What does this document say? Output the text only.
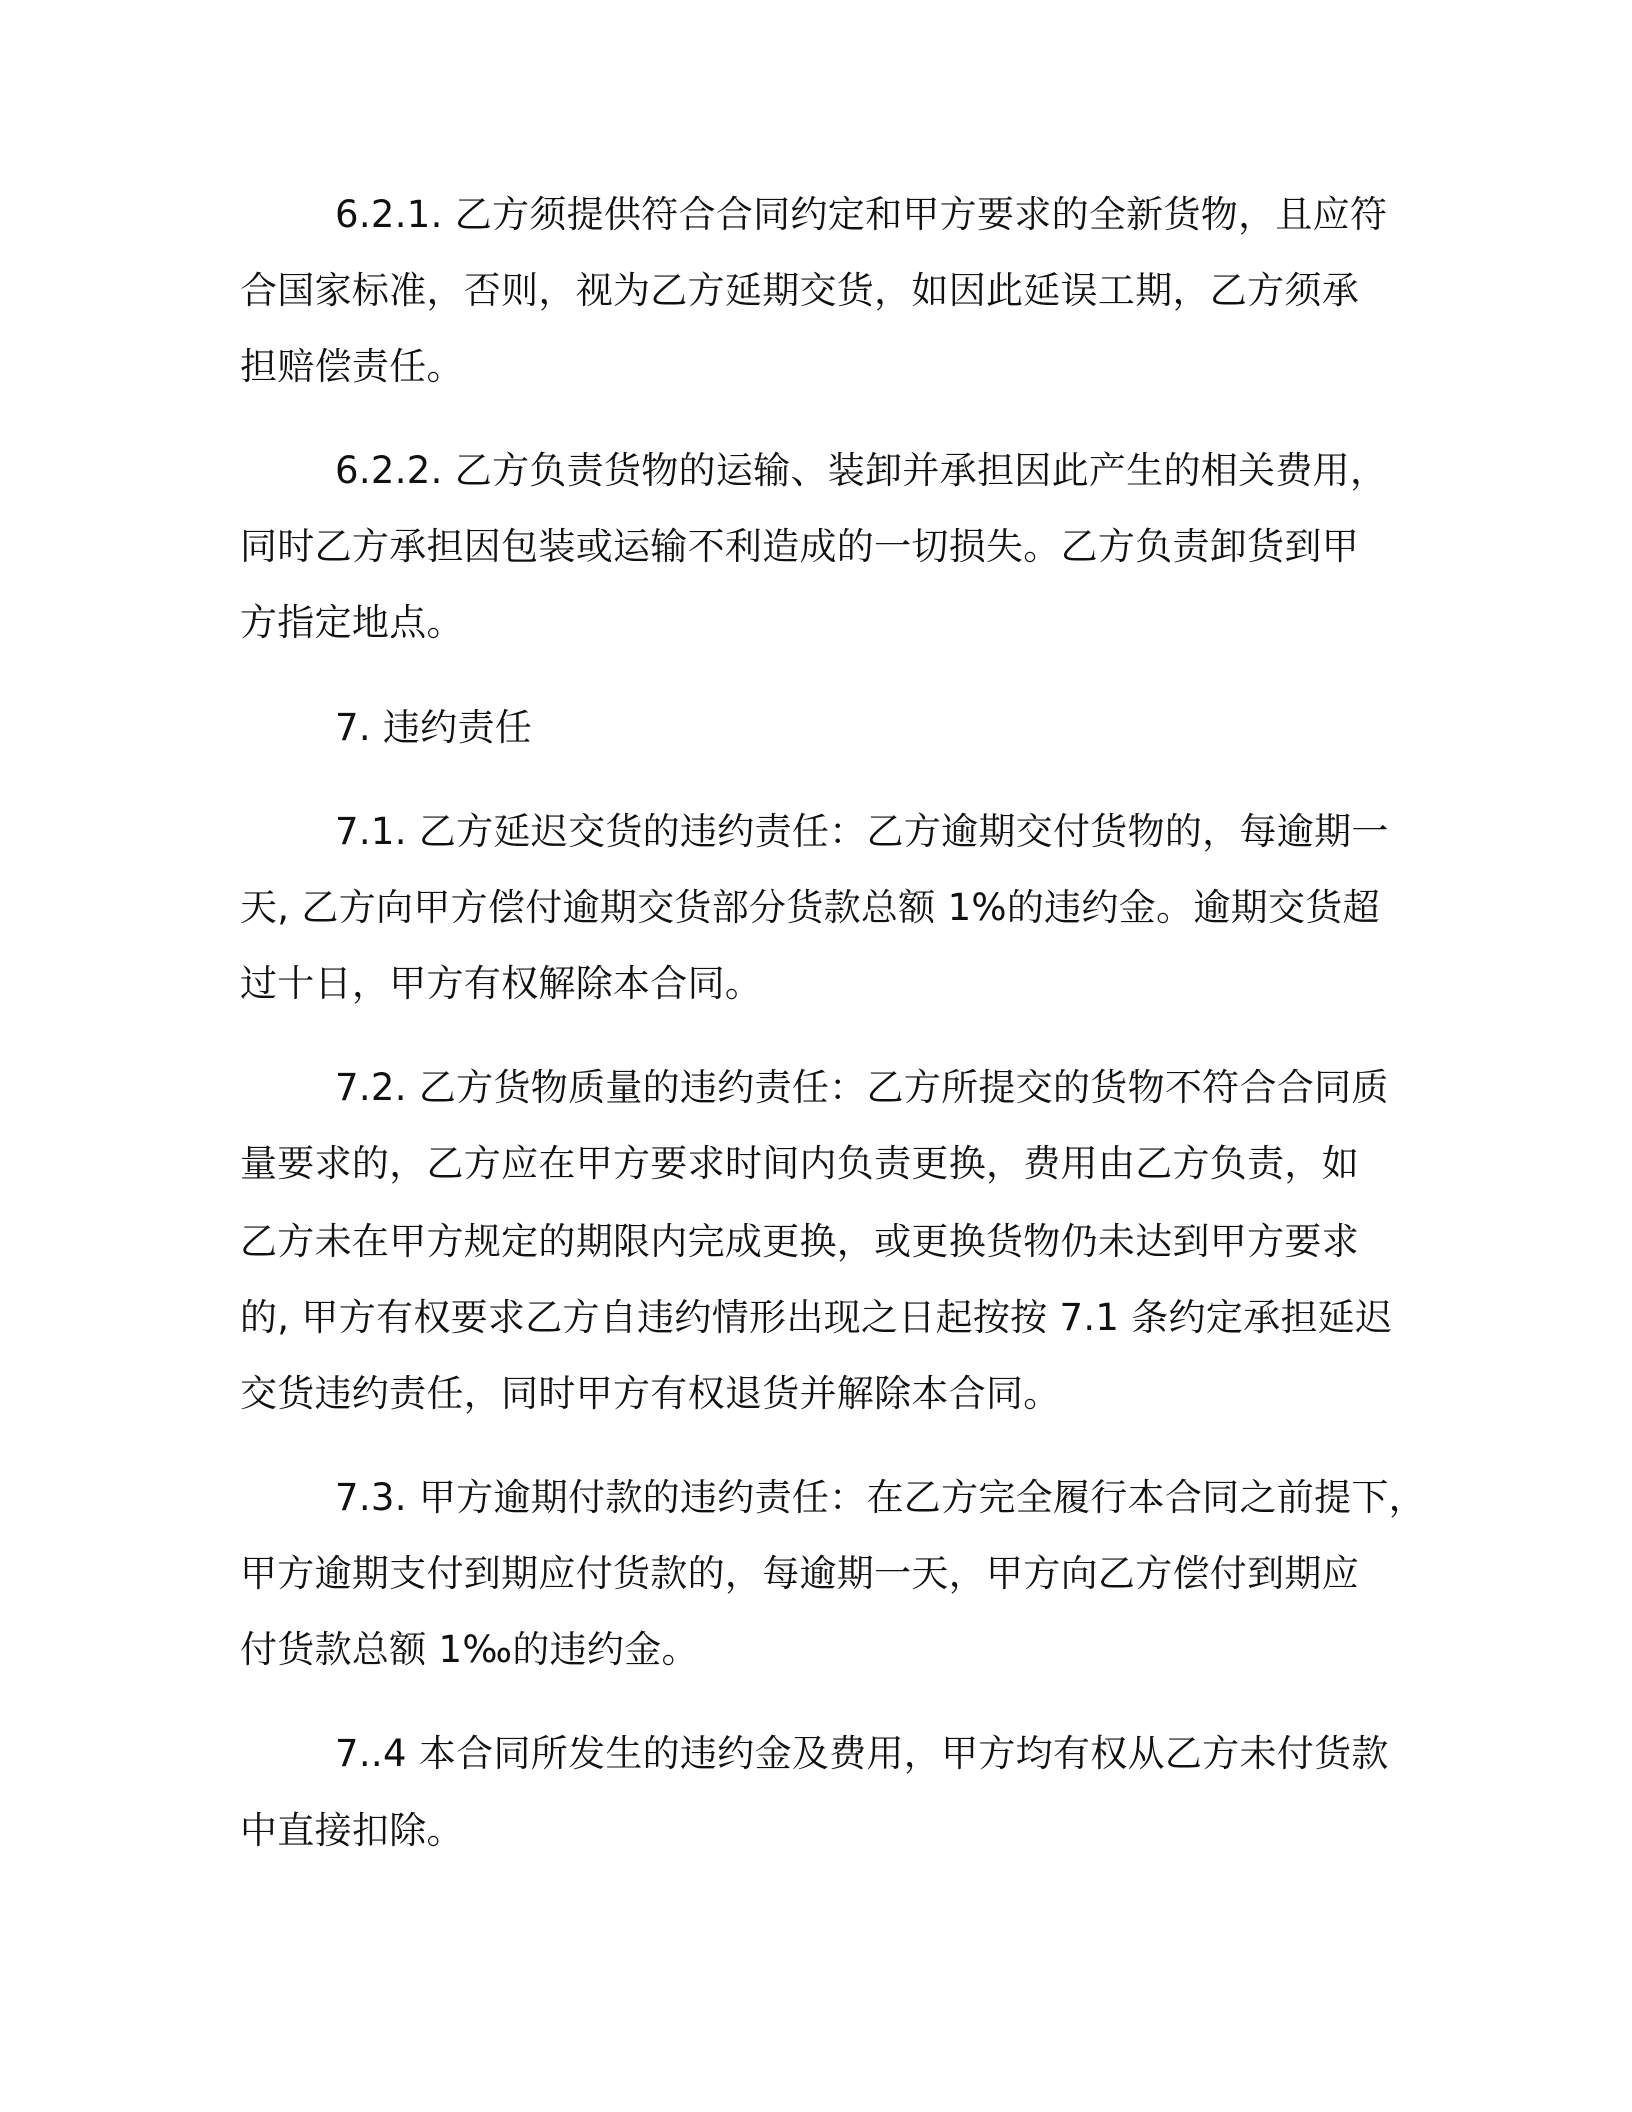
6.2.1. 乙方须提供符合合同约定和甲方要求的全新货物，且应符
合国家标准，否则，视为乙方延期交货，如因此延误工期，乙方须承
担赔偿责任。
6.2.2. 乙方负责货物的运输、装卸并承担因此产生的相关费用，
同时乙方承担因包装或运输不利造成的一切损失。乙方负责卸货到甲
方指定地点。
7. 违约责任
7.1. 乙方延迟交货的违约责任：乙方逾期交付货物的，每逾期一
天, 乙方向甲方偿付逾期交货部分货款总额 1%的违约金。逾期交货超
过十日，甲方有权解除本合同。
7.2. 乙方货物质量的违约责任：乙方所提交的货物不符合合同质
量要求的，乙方应在甲方要求时间内负责更换，费用由乙方负责，如
乙方未在甲方规定的期限内完成更换，或更换货物仍未达到甲方要求
的, 甲方有权要求乙方自违约情形出现之日起按按 7.1 条约定承担延迟
交货违约责任，同时甲方有权退货并解除本合同。
7.3. 甲方逾期付款的违约责任：在乙方完全履行本合同之前提下，
甲方逾期支付到期应付货款的，每逾期一天，甲方向乙方偿付到期应
付货款总额 1‰的违约金。
7..4 本合同所发生的违约金及费用，甲方均有权从乙方未付货款
中直接扣除。
